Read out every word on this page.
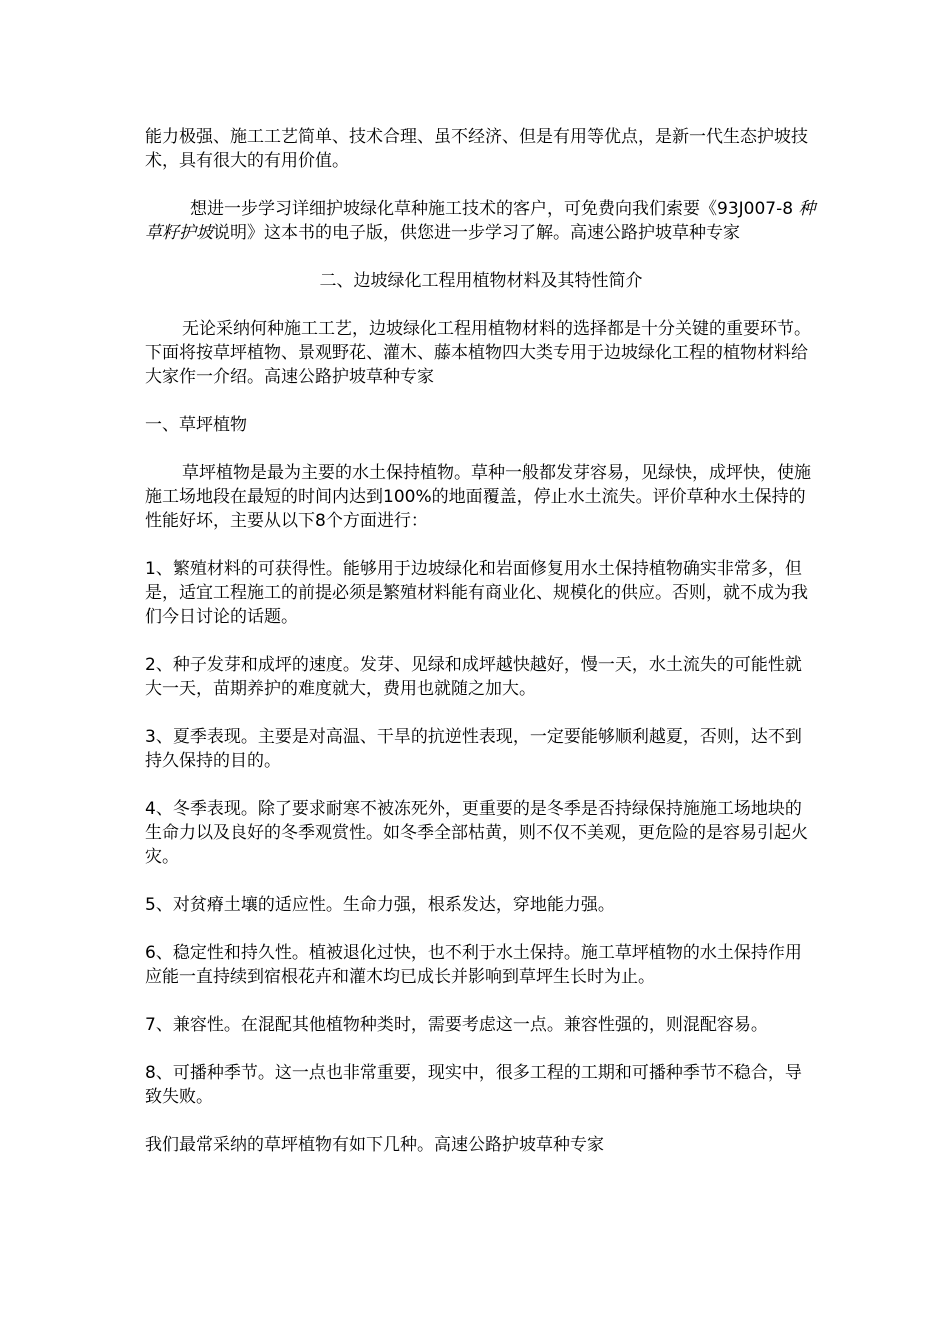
能力极强、施工工艺简单、技术合理、虽不经济、但是有用等优点，是新一代生态护坡技术，具有很大的有用价值。

想进一步学习详细护坡绿化草种施工技术的客户，可免费向我们索要《93J007-8 种草籽护坡说明》这本书的电子版，供您进一步学习了解。高速公路护坡草种专家

二、边坡绿化工程用植物材料及其特性简介

无论采纳何种施工工艺，边坡绿化工程用植物材料的选择都是十分关键的重要环节。下面将按草坪植物、景观野花、灌木、藤本植物四大类专用于边坡绿化工程的植物材料给大家作一介绍。高速公路护坡草种专家

一、草坪植物

草坪植物是最为主要的水土保持植物。草种一般都发芽容易，见绿快，成坪快，使施施工场地段在最短的时间内达到100%的地面覆盖，停止水土流失。评价草种水土保持的性能好坏，主要从以下8个方面进行：

1、繁殖材料的可获得性。能够用于边坡绿化和岩面修复用水土保持植物确实非常多，但是，适宜工程施工的前提必须是繁殖材料能有商业化、规模化的供应。否则，就不成为我们今日讨论的话题。

2、种子发芽和成坪的速度。发芽、见绿和成坪越快越好，慢一天，水土流失的可能性就大一天，苗期养护的难度就大，费用也就随之加大。

3、夏季表现。主要是对高温、干旱的抗逆性表现，一定要能够顺利越夏，否则，达不到持久保持的目的。

4、冬季表现。除了要求耐寒不被冻死外，更重要的是冬季是否持绿保持施施工场地块的生命力以及良好的冬季观赏性。如冬季全部枯黄，则不仅不美观，更危险的是容易引起火灾。

5、对贫瘠土壤的适应性。生命力强，根系发达，穿地能力强。

6、稳定性和持久性。植被退化过快，也不利于水土保持。施工草坪植物的水土保持作用应能一直持续到宿根花卉和灌木均已成长并影响到草坪生长时为止。

7、兼容性。在混配其他植物种类时，需要考虑这一点。兼容性强的，则混配容易。

8、可播种季节。这一点也非常重要，现实中，很多工程的工期和可播种季节不稳合，导致失败。

我们最常采纳的草坪植物有如下几种。高速公路护坡草种专家
